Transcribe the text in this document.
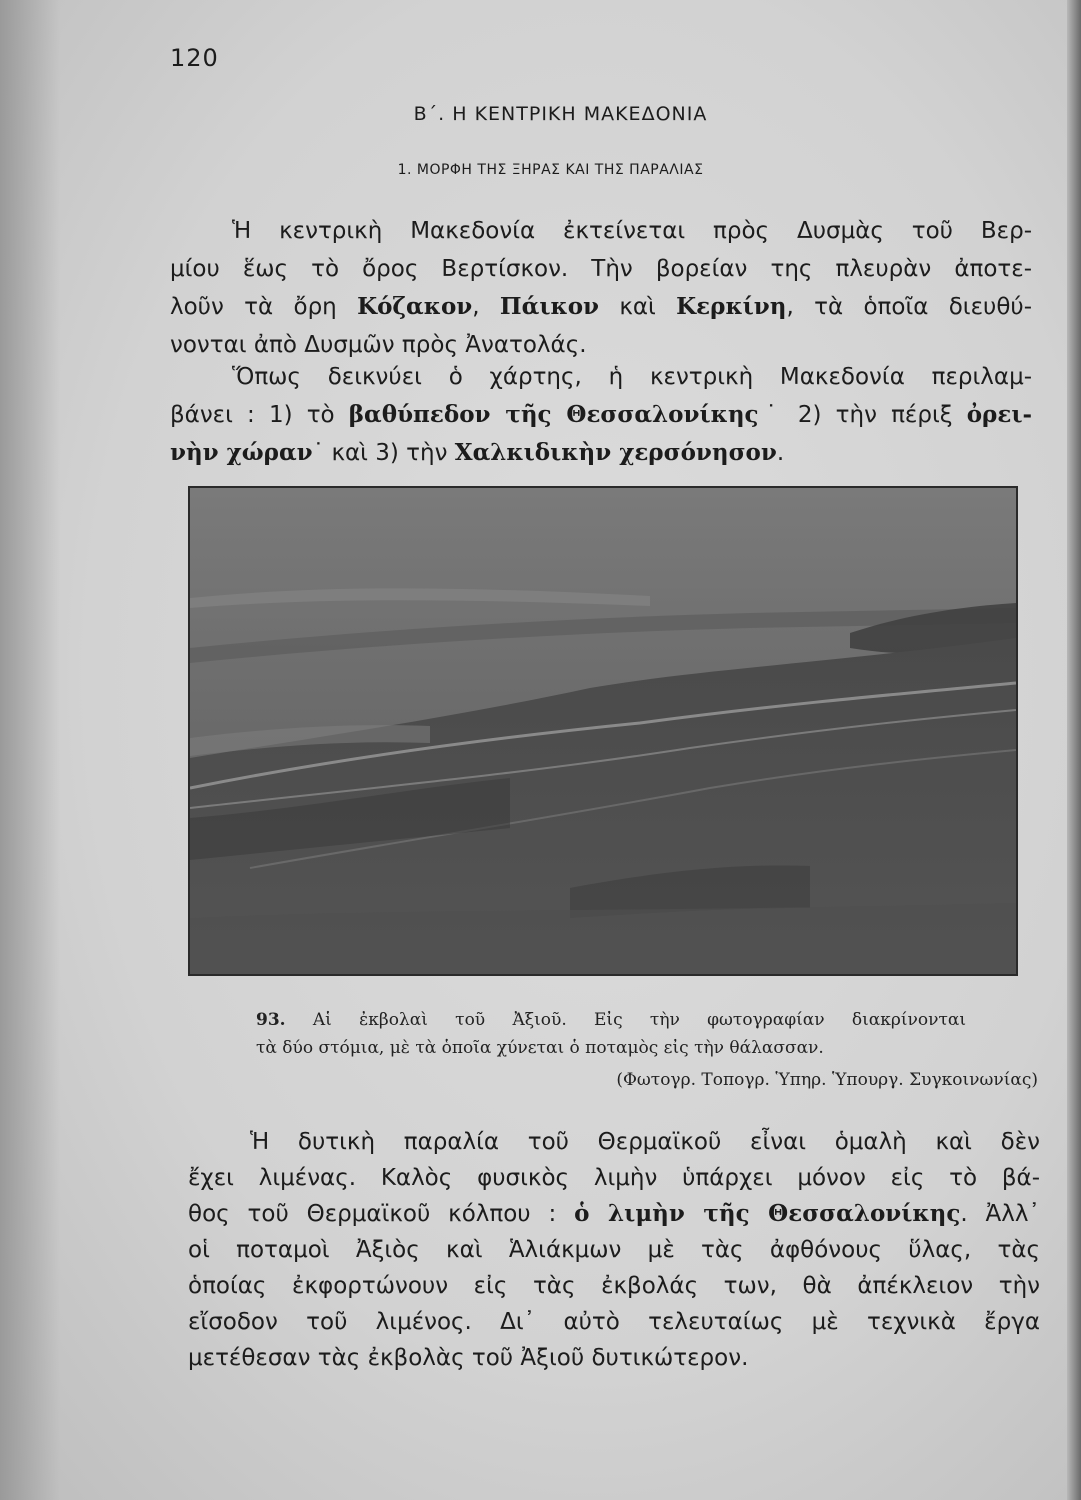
120
Β΄. Η ΚΕΝΤΡΙΚΗ ΜΑΚΕΔΟΝΙΑ
1. ΜΟΡΦΗ ΤΗΣ ΞΗΡΑΣ ΚΑΙ ΤΗΣ ΠΑΡΑΛΙΑΣ
Ἡ κεντρικὴ Μακεδονία ἐκτείνεται πρὸς Δυσμὰς τοῦ Βερ-
μίου ἕως τὸ ὄρος Βερτίσκον. Τὴν βορείαν της πλευρὰν ἀποτε-
λοῦν τὰ ὄρη Κόζακον, Πάικον καὶ Κερκίνη, τὰ ὁποῖα διευθύ-
νονται ἀπὸ Δυσμῶν πρὸς Ἀνατολάς.
Ὅπως δεικνύει ὁ χάρτης, ἡ κεντρικὴ Μακεδονία περιλαμ-
βάνει : 1) τὸ βαθύπεδον τῆς Θεσσαλονίκης˙ 2) τὴν πέριξ ὀρει-
νὴν χώραν˙ καὶ 3) τὴν Χαλκιδικὴν χερσόνησον.
93. Αἱ ἐκβολαὶ τοῦ Ἀξιοῦ. Εἰς τὴν φωτογραφίαν διακρίνονται
τὰ δύο στόμια, μὲ τὰ ὁποῖα χύνεται ὁ ποταμὸς εἰς τὴν θάλασσαν.
(Φωτογρ. Τοπογρ. Ὑπηρ. Ὑπουργ. Συγκοινωνίας)
Ἡ δυτικὴ παραλία τοῦ Θερμαϊκοῦ εἶναι ὁμαλὴ καὶ δὲν
ἔχει λιμένας. Καλὸς φυσικὸς λιμὴν ὑπάρχει μόνον εἰς τὸ βά-
θος τοῦ Θερμαϊκοῦ κόλπου : ὁ λιμὴν τῆς Θεσσαλονίκης. Ἀλλ᾽
οἱ ποταμοὶ Ἀξιὸς καὶ Ἁλιάκμων μὲ τὰς ἀφθόνους ὕλας, τὰς
ὁποίας ἐκφορτώνουν εἰς τὰς ἐκβολάς των, θὰ ἀπέκλειον τὴν
εἴσοδον τοῦ λιμένος. Δι᾽ αὐτὸ τελευταίως μὲ τεχνικὰ ἔργα
μετέθεσαν τὰς ἐκβολὰς τοῦ Ἀξιοῦ δυτικώτερον.
